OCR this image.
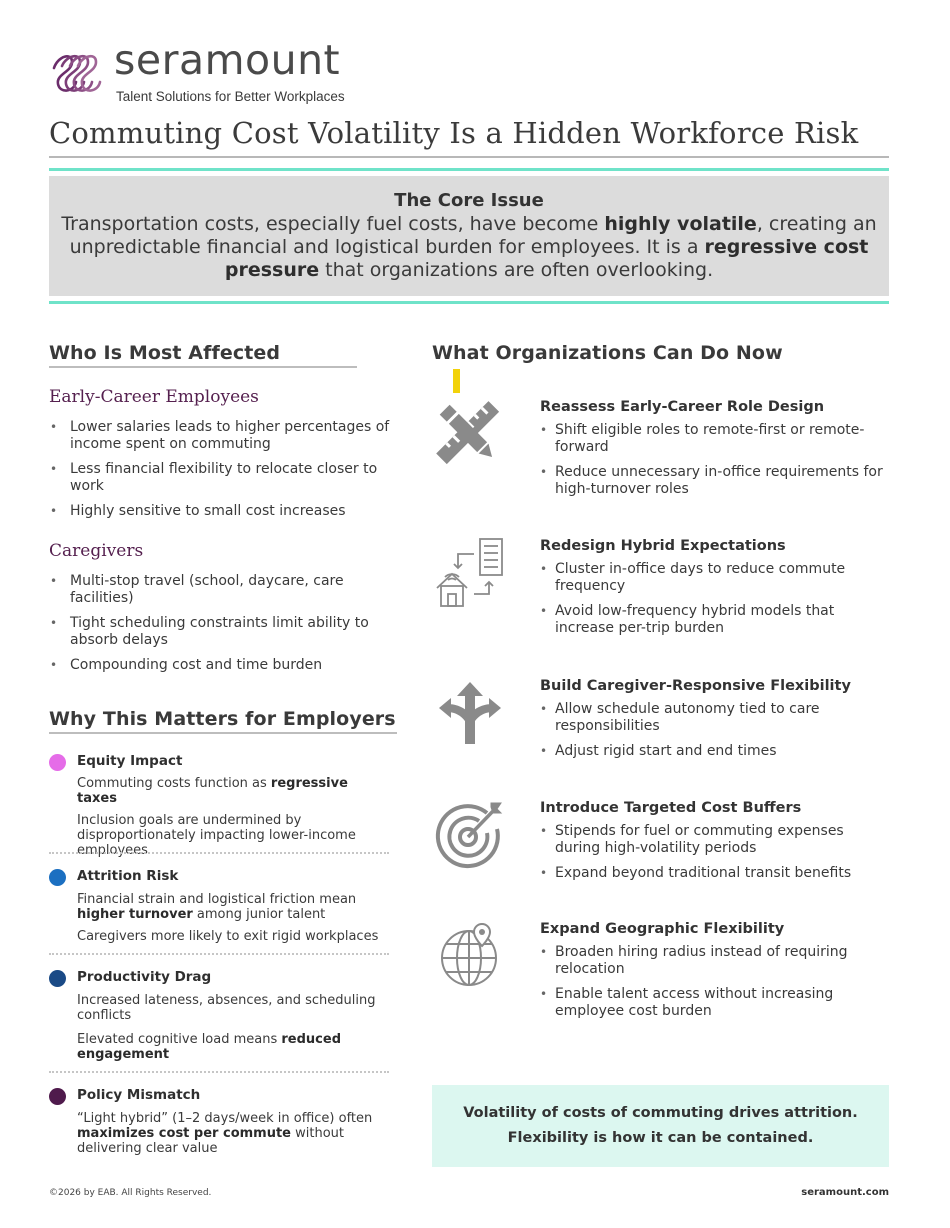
seramount
Talent Solutions for Better Workplaces
Commuting Cost Volatility Is a Hidden Workforce Risk
The Core Issue
Transportation costs, especially fuel costs, have become highly volatile, creating an unpredictable financial and logistical burden for employees. It is a regressive cost pressure that organizations are often overlooking.
Who Is Most Affected
Early-Career Employees
• Lower salaries leads to higher percentages of income spent on commuting
• Less financial flexibility to relocate closer to work
• Highly sensitive to small cost increases
Caregivers
• Multi-stop travel (school, daycare, care facilities)
• Tight scheduling constraints limit ability to absorb delays
• Compounding cost and time burden
Why This Matters for Employers
Equity Impact

Commuting costs function as regressive taxes

Inclusion goals are undermined by disproportionately impacting lower-income employees

Attrition Risk

Financial strain and logistical friction mean higher turnover among junior talent

Caregivers more likely to exit rigid workplaces

Productivity Drag

Increased lateness, absences, and scheduling conflicts

Elevated cognitive load means reduced engagement

Policy Mismatch

“Light hybrid” (1–2 days/week in office) often maximizes cost per commute without delivering clear value

What Organizations Can Do Now
Reassess Early-Career Role Design
• Shift eligible roles to remote-first or remote-forward
• Reduce unnecessary in-office requirements for high-turnover roles
Redesign Hybrid Expectations
• Cluster in-office days to reduce commute frequency
• Avoid low-frequency hybrid models that increase per-trip burden
Build Caregiver-Responsive Flexibility
• Allow schedule autonomy tied to care responsibilities
• Adjust rigid start and end times
Introduce Targeted Cost Buffers
• Stipends for fuel or commuting expenses during high-volatility periods
• Expand beyond traditional transit benefits
Expand Geographic Flexibility
• Broaden hiring radius instead of requiring relocation
• Enable talent access without increasing employee cost burden

Volatility of costs of commuting drives attrition.

Flexibility is how it can be contained.

©2026 by EAB. All Rights Reserved.	seramount.com
